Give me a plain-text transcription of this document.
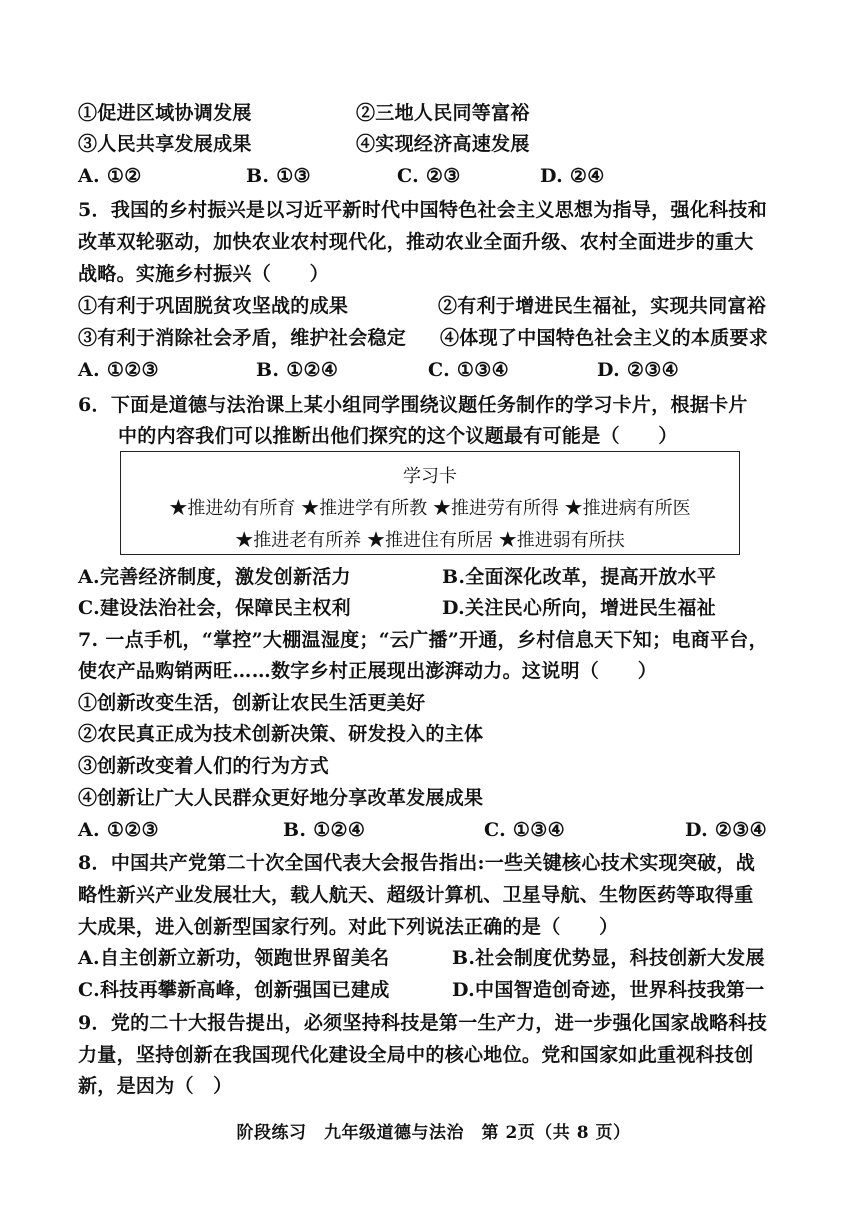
①促进区域协调发展	②三地人民同等富裕
③人民共享发展成果	④实现经济高速发展
A. ①②	B. ①③	C. ②③	D. ②④
5．我国的乡村振兴是以习近平新时代中国特色社会主义思想为指导，强化科技和
改革双轮驱动，加快农业农村现代化，推动农业全面升级、农村全面进步的重大
战略。实施乡村振兴（　　）
①有利于巩固脱贫攻坚战的成果	②有利于增进民生福祉，实现共同富裕
③有利于消除社会矛盾，维护社会稳定 ④体现了中国特色社会主义的本质要求
A. ①②③	B. ①②④	C. ①③④	D. ②③④
6．下面是道德与法治课上某小组同学围绕议题任务制作的学习卡片，根据卡片
中的内容我们可以推断出他们探究的这个议题最有可能是（　　）
学习卡
★推进幼有所育 ★推进学有所教 ★推进劳有所得 ★推进病有所医
★推进老有所养 ★推进住有所居 ★推进弱有所扶
A.完善经济制度，激发创新活力	B.全面深化改革，提高开放水平
C.建设法治社会，保障民主权利	D.关注民心所向，增进民生福祉
7. 一点手机，“掌控”大棚温湿度；“云广播”开通，乡村信息天下知；电商平台，
使农产品购销两旺……数字乡村正展现出澎湃动力。这说明（　　）
①创新改变生活，创新让农民生活更美好
②农民真正成为技术创新决策、研发投入的主体
③创新改变着人们的行为方式
④创新让广大人民群众更好地分享改革发展成果
A. ①②③	B. ①②④	C. ①③④	D. ②③④
8．中国共产党第二十次全国代表大会报告指出:一些关键核心技术实现突破，战
略性新兴产业发展壮大，载人航天、超级计算机、卫星导航、生物医药等取得重
大成果，进入创新型国家行列。对此下列说法正确的是（　　）
A.自主创新立新功，领跑世界留美名	B.社会制度优势显，科技创新大发展
C.科技再攀新高峰，创新强国已建成	D.中国智造创奇迹，世界科技我第一
9．党的二十大报告提出，必须坚持科技是第一生产力，进一步强化国家战略科技
力量，坚持创新在我国现代化建设全局中的核心地位。党和国家如此重视科技创
新，是因为（　）
阶段练习　九年级道德与法治　第 2页（共 8 页）
